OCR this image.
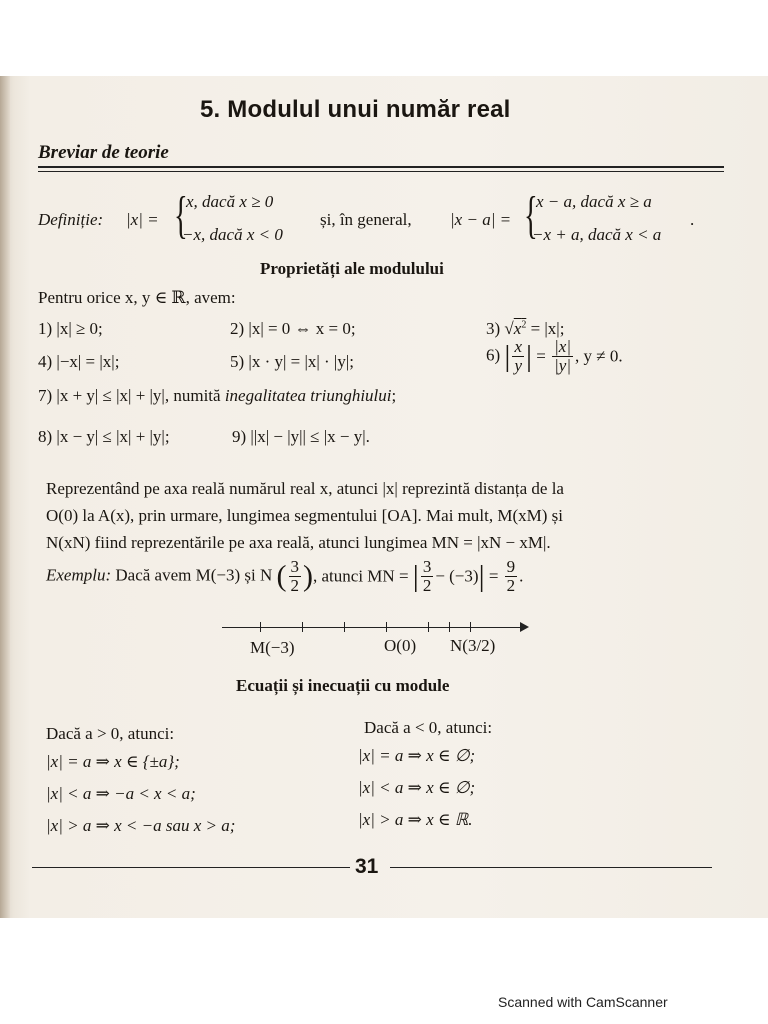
5. Modulul unui număr real
Breviar de teorie
Definiție: |x| = {
x, dacă x ≥ 0
−x, dacă x < 0
și, în general, |x − a| = {
x − a, dacă x ≥ a
−x + a, dacă x < a
.
Proprietăți ale modulului
Pentru orice x, y ∈ ℝ, avem:
1) |x| ≥ 0;	2) |x| = 0 ⇔ x = 0;	3) $√x^2 = |x|$;
4) |−x| = |x|;	5) |x · y| = |x| · |y|;	6) | $\frac{x}{y}$ | = $\frac{|x|}{|y|}$ , y ≠ 0.
7) |x + y| ≤ |x| + |y|, numită inegalitatea triunghiului;
8) |x − y| ≤ |x| + |y|;	9) ||x| − |y|| ≤ |x − y|.
Reprezentând pe axa reală numărul real x, atunci |x| reprezintă distanța de la
O(0) la A(x), prin urmare, lungimea segmentului [OA]. Mai mult, M(xM) și
N(xN) fiind reprezentările pe axa reală, atunci lungimea MN = |xN − xM|.
Exemplu: Dacă avem M(−3) și N ( $\frac{3}{2}$ ), atunci MN = | $\frac{3}{2} - (-3)| = \frac{9}{2}$ .
M(−3)	O(0) N(3/2)
Ecuații și inecuații cu module
Dacă a > 0, atunci:
|x| = a ⇒ x ∈ {±a};
|x| < a ⇒ −a < x < a;
|x| > a ⇒ x < −a sau x > a;
Dacă a < 0, atunci:
|x| = a ⇒ x ∈ ∅;
|x| < a ⇒ x ∈ ∅;
|x| > a ⇒ x ∈ ℝ.
31
Scanned with CamScanner
